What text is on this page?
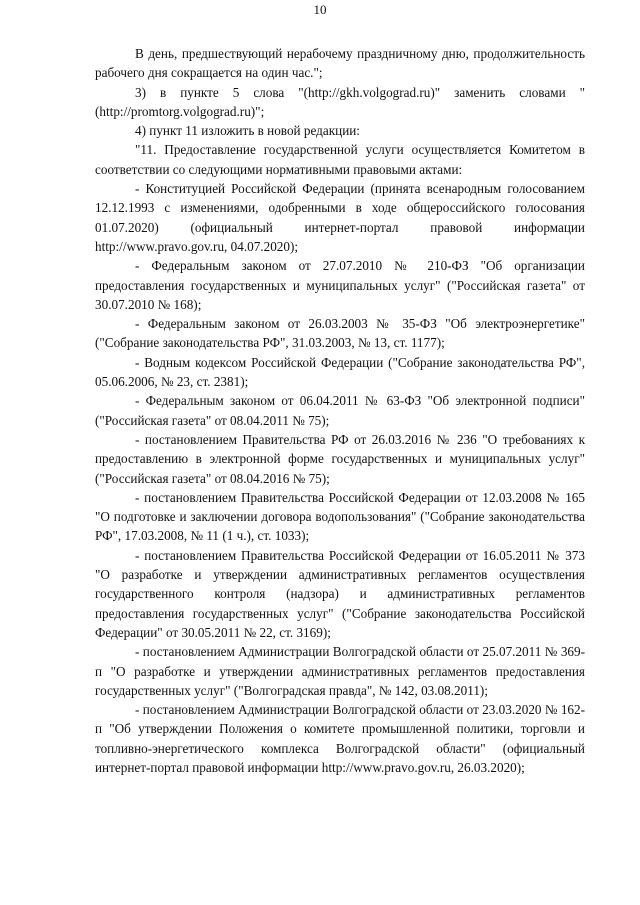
10

В день, предшествующий нерабочему праздничному дню, продолжительность рабочего дня сокращается на один час.";

3) в пункте 5 слова "(http://gkh.volgograd.ru)" заменить словами "(http://promtorg.volgograd.ru)";

4) пункт 11 изложить в новой редакции:

"11. Предоставление государственной услуги осуществляется Комитетом в соответствии со следующими нормативными правовыми актами:

- Конституцией Российской Федерации (принята всенародным голосованием 12.12.1993 с изменениями, одобренными в ходе общероссийского голосования 01.07.2020) (официальный интернет-портал правовой информации http://www.pravo.gov.ru, 04.07.2020);

- Федеральным законом от 27.07.2010 № 210-ФЗ "Об организации предоставления государственных и муниципальных услуг" ("Российская газета" от 30.07.2010 № 168);

- Федеральным законом от 26.03.2003 № 35-ФЗ "Об электроэнергетике" ("Собрание законодательства РФ", 31.03.2003, № 13, ст. 1177);

- Водным кодексом Российской Федерации ("Собрание законодательства РФ", 05.06.2006, № 23, ст. 2381);

- Федеральным законом от 06.04.2011 № 63-ФЗ "Об электронной подписи" ("Российская газета" от 08.04.2011 № 75);

- постановлением Правительства РФ от 26.03.2016 № 236 "О требованиях к предоставлению в электронной форме государственных и муниципальных услуг" ("Российская газета" от 08.04.2016 № 75);

- постановлением Правительства Российской Федерации от 12.03.2008 № 165 "О подготовке и заключении договора водопользования" ("Собрание законодательства РФ", 17.03.2008, № 11 (1 ч.), ст. 1033);

- постановлением Правительства Российской Федерации от 16.05.2011 № 373 "О разработке и утверждении административных регламентов осуществления государственного контроля (надзора) и административных регламентов предоставления государственных услуг" ("Собрание законодательства Российской Федерации" от 30.05.2011 № 22, ст. 3169);

- постановлением Администрации Волгоградской области от 25.07.2011 № 369-п "О разработке и утверждении административных регламентов предоставления государственных услуг" ("Волгоградская правда", № 142, 03.08.2011);

- постановлением Администрации Волгоградской области от 23.03.2020 № 162-п "Об утверждении Положения о комитете промышленной политики, торговли и топливно-энергетического комплекса Волгоградской области" (официальный интернет-портал правовой информации http://www.pravo.gov.ru, 26.03.2020);
